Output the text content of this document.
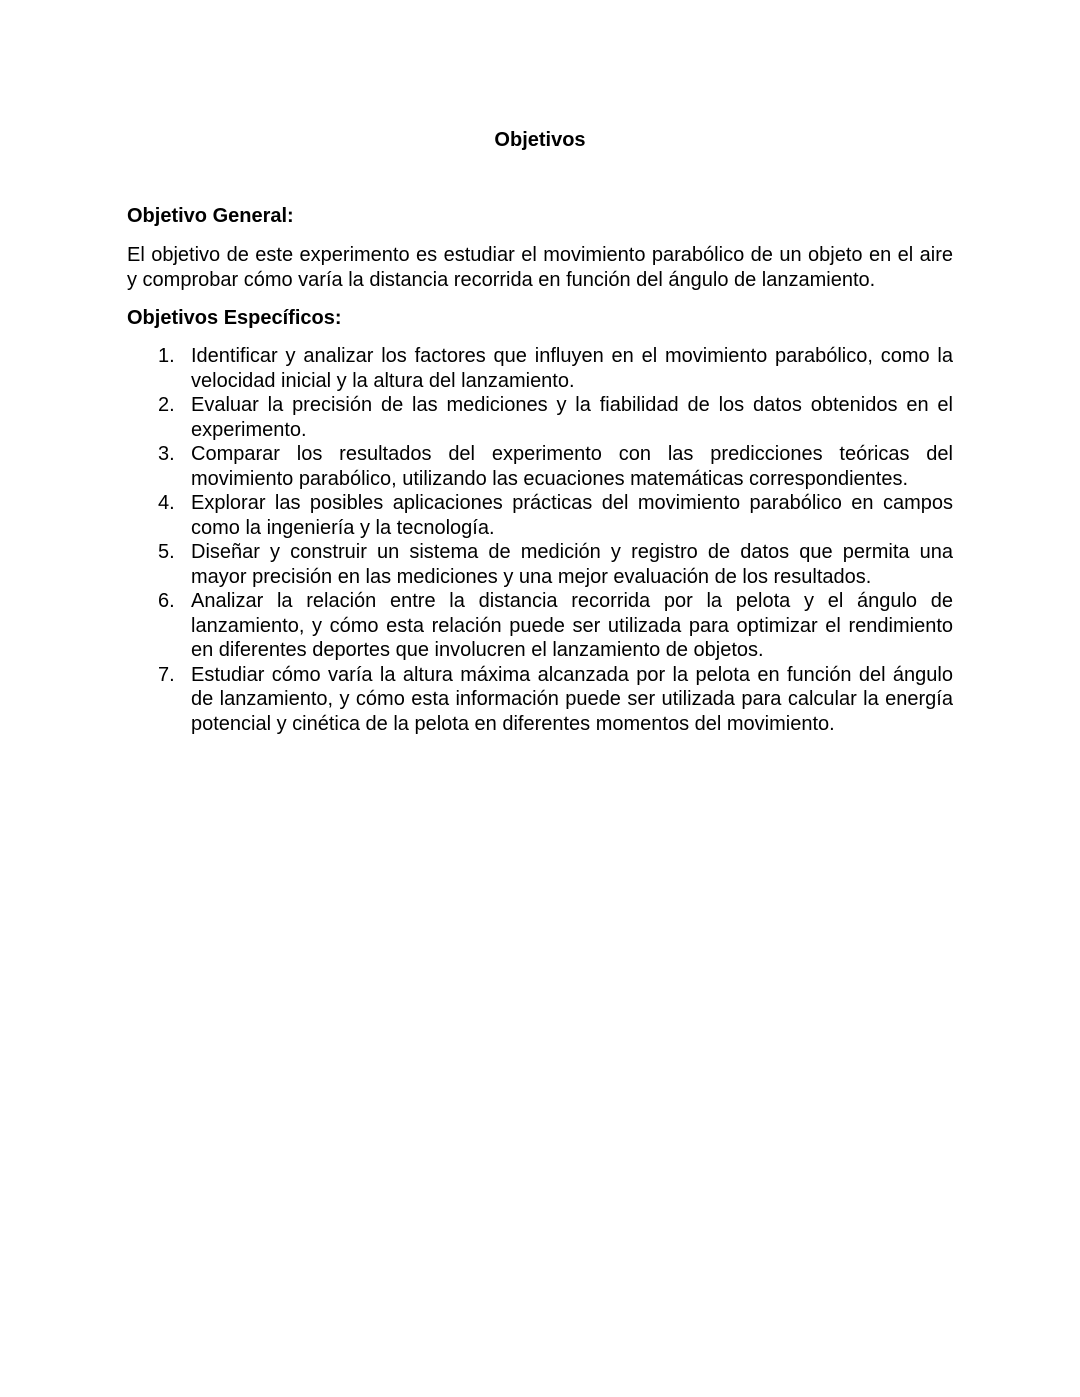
Objetivos
Objetivo General:

El objetivo de este experimento es estudiar el movimiento parabólico de un objeto en el aire y comprobar cómo varía la distancia recorrida en función del ángulo de lanzamiento.

Objetivos Específicos:
1. Identificar y analizar los factores que influyen en el movimiento parabólico, como la velocidad inicial y la altura del lanzamiento.
2. Evaluar la precisión de las mediciones y la fiabilidad de los datos obtenidos en el experimento.
3. Comparar los resultados del experimento con las predicciones teóricas del movimiento parabólico, utilizando las ecuaciones matemáticas correspondientes.
4. Explorar las posibles aplicaciones prácticas del movimiento parabólico en campos como la ingeniería y la tecnología.
5. Diseñar y construir un sistema de medición y registro de datos que permita una mayor precisión en las mediciones y una mejor evaluación de los resultados.
6. Analizar la relación entre la distancia recorrida por la pelota y el ángulo de lanzamiento, y cómo esta relación puede ser utilizada para optimizar el rendimiento en diferentes deportes que involucren el lanzamiento de objetos.
7. Estudiar cómo varía la altura máxima alcanzada por la pelota en función del ángulo de lanzamiento, y cómo esta información puede ser utilizada para calcular la energía potencial y cinética de la pelota en diferentes momentos del movimiento.
